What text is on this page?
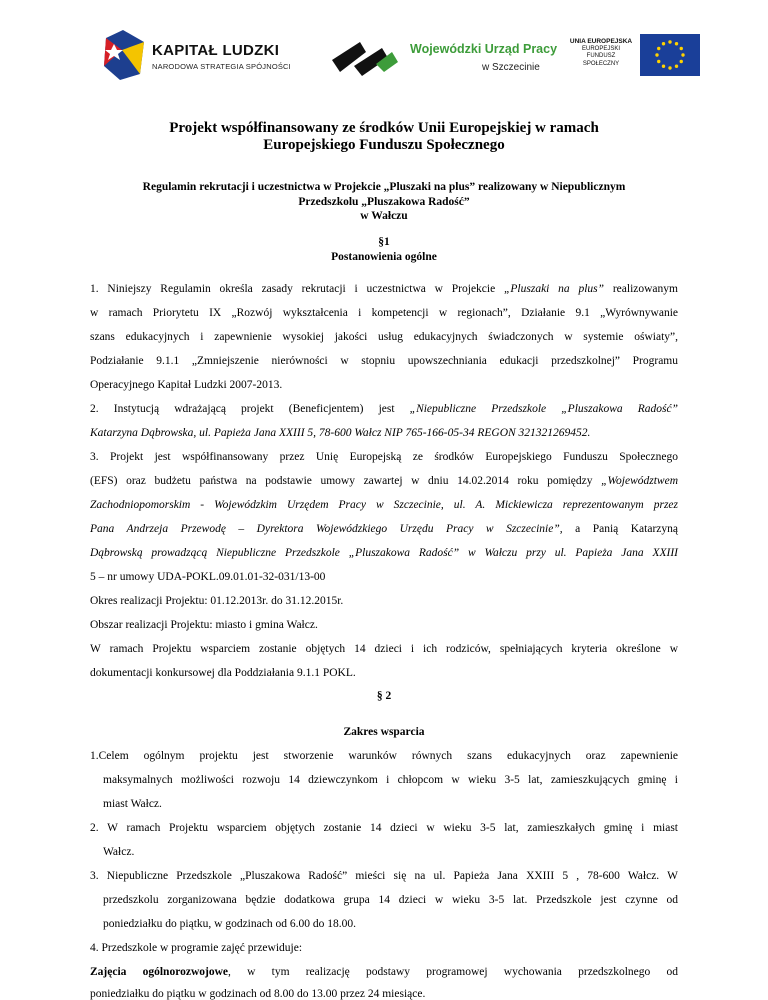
KAPITAŁ LUDZKI
NARODOWA STRATEGIA SPÓJNOŚCI
Wojewódzki Urząd Pracy
w Szczecinie
UNIA EUROPEJSKA
EUROPEJSKI
FUNDUSZ SPOŁECZNY
Projekt współfinansowany ze środków Unii Europejskiej w ramach
Europejskiego Funduszu Społecznego
Regulamin rekrutacji i uczestnictwa w Projekcie „Pluszaki na plus” realizowany w Niepublicznym
Przedszkolu „Pluszakowa Radość”
w Wałczu
§1
Postanowienia ogólne
1. Niniejszy Regulamin określa zasady rekrutacji i uczestnictwa w Projekcie „Pluszaki na plus” realizowanym
w ramach Priorytetu IX „Rozwój wykształcenia i kompetencji w regionach”, Działanie 9.1 „Wyrównywanie
szans edukacyjnych i zapewnienie wysokiej jakości usług edukacyjnych świadczonych w systemie oświaty”,
Podziałanie 9.1.1 „Zmniejszenie nierówności w stopniu upowszechniania edukacji przedszkolnej” Programu
Operacyjnego Kapitał Ludzki 2007-2013.
2. Instytucją wdrażającą projekt (Beneficjentem) jest „Niepubliczne Przedszkole „Pluszakowa Radość”
Katarzyna Dąbrowska, ul. Papieża Jana XXIII 5, 78-600 Wałcz NIP 765-166-05-34 REGON 321321269452.
3. Projekt jest współfinansowany przez Unię Europejską ze środków Europejskiego Funduszu Społecznego
(EFS) oraz budżetu państwa na podstawie umowy zawartej w dniu 14.02.2014 roku pomiędzy „Województwem
Zachodniopomorskim - Wojewódzkim Urzędem Pracy w Szczecinie, ul. A. Mickiewicza reprezentowanym przez
Pana Andrzeja Przewodę – Dyrektora Wojewódzkiego Urzędu Pracy w Szczecinie”, a Panią Katarzyną
Dąbrowską prowadzącą Niepubliczne Przedszkole „Pluszakowa Radość” w Wałczu przy ul. Papieża Jana XXIII
5 – nr umowy UDA-POKL.09.01.01-32-031/13-00
Okres realizacji Projektu: 01.12.2013r. do 31.12.2015r.
Obszar realizacji Projektu: miasto i gmina Wałcz.
W ramach Projektu wsparciem zostanie objętych 14 dzieci i ich rodziców, spełniających kryteria określone w
dokumentacji konkursowej dla Poddziałania 9.1.1 POKL.
§ 2
Zakres wsparcia
1.Celem ogólnym projektu jest stworzenie warunków równych szans edukacyjnych oraz zapewnienie
maksymalnych możliwości rozwoju 14 dziewczynkom i chłopcom w wieku 3-5 lat, zamieszkujących gminę i
miast Wałcz.
2. W ramach Projektu wsparciem objętych zostanie 14 dzieci w wieku 3-5 lat, zamieszkałych gminę i miast
Wałcz.
3. Niepubliczne Przedszkole „Pluszakowa Radość” mieści się na ul. Papieża Jana XXIII 5 , 78-600 Wałcz. W
przedszkolu zorganizowana będzie dodatkowa grupa 14 dzieci w wieku 3-5 lat. Przedszkole jest czynne od
poniedziałku do piątku, w godzinach od 6.00 do 18.00.
4. Przedszkole w programie zajęć przewiduje:
Zajęcia ogólnorozwojowe, w tym realizację podstawy programowej wychowania przedszkolnego od
poniedziałku do piątku w godzinach od 8.00 do 13.00 przez 24 miesiące.
